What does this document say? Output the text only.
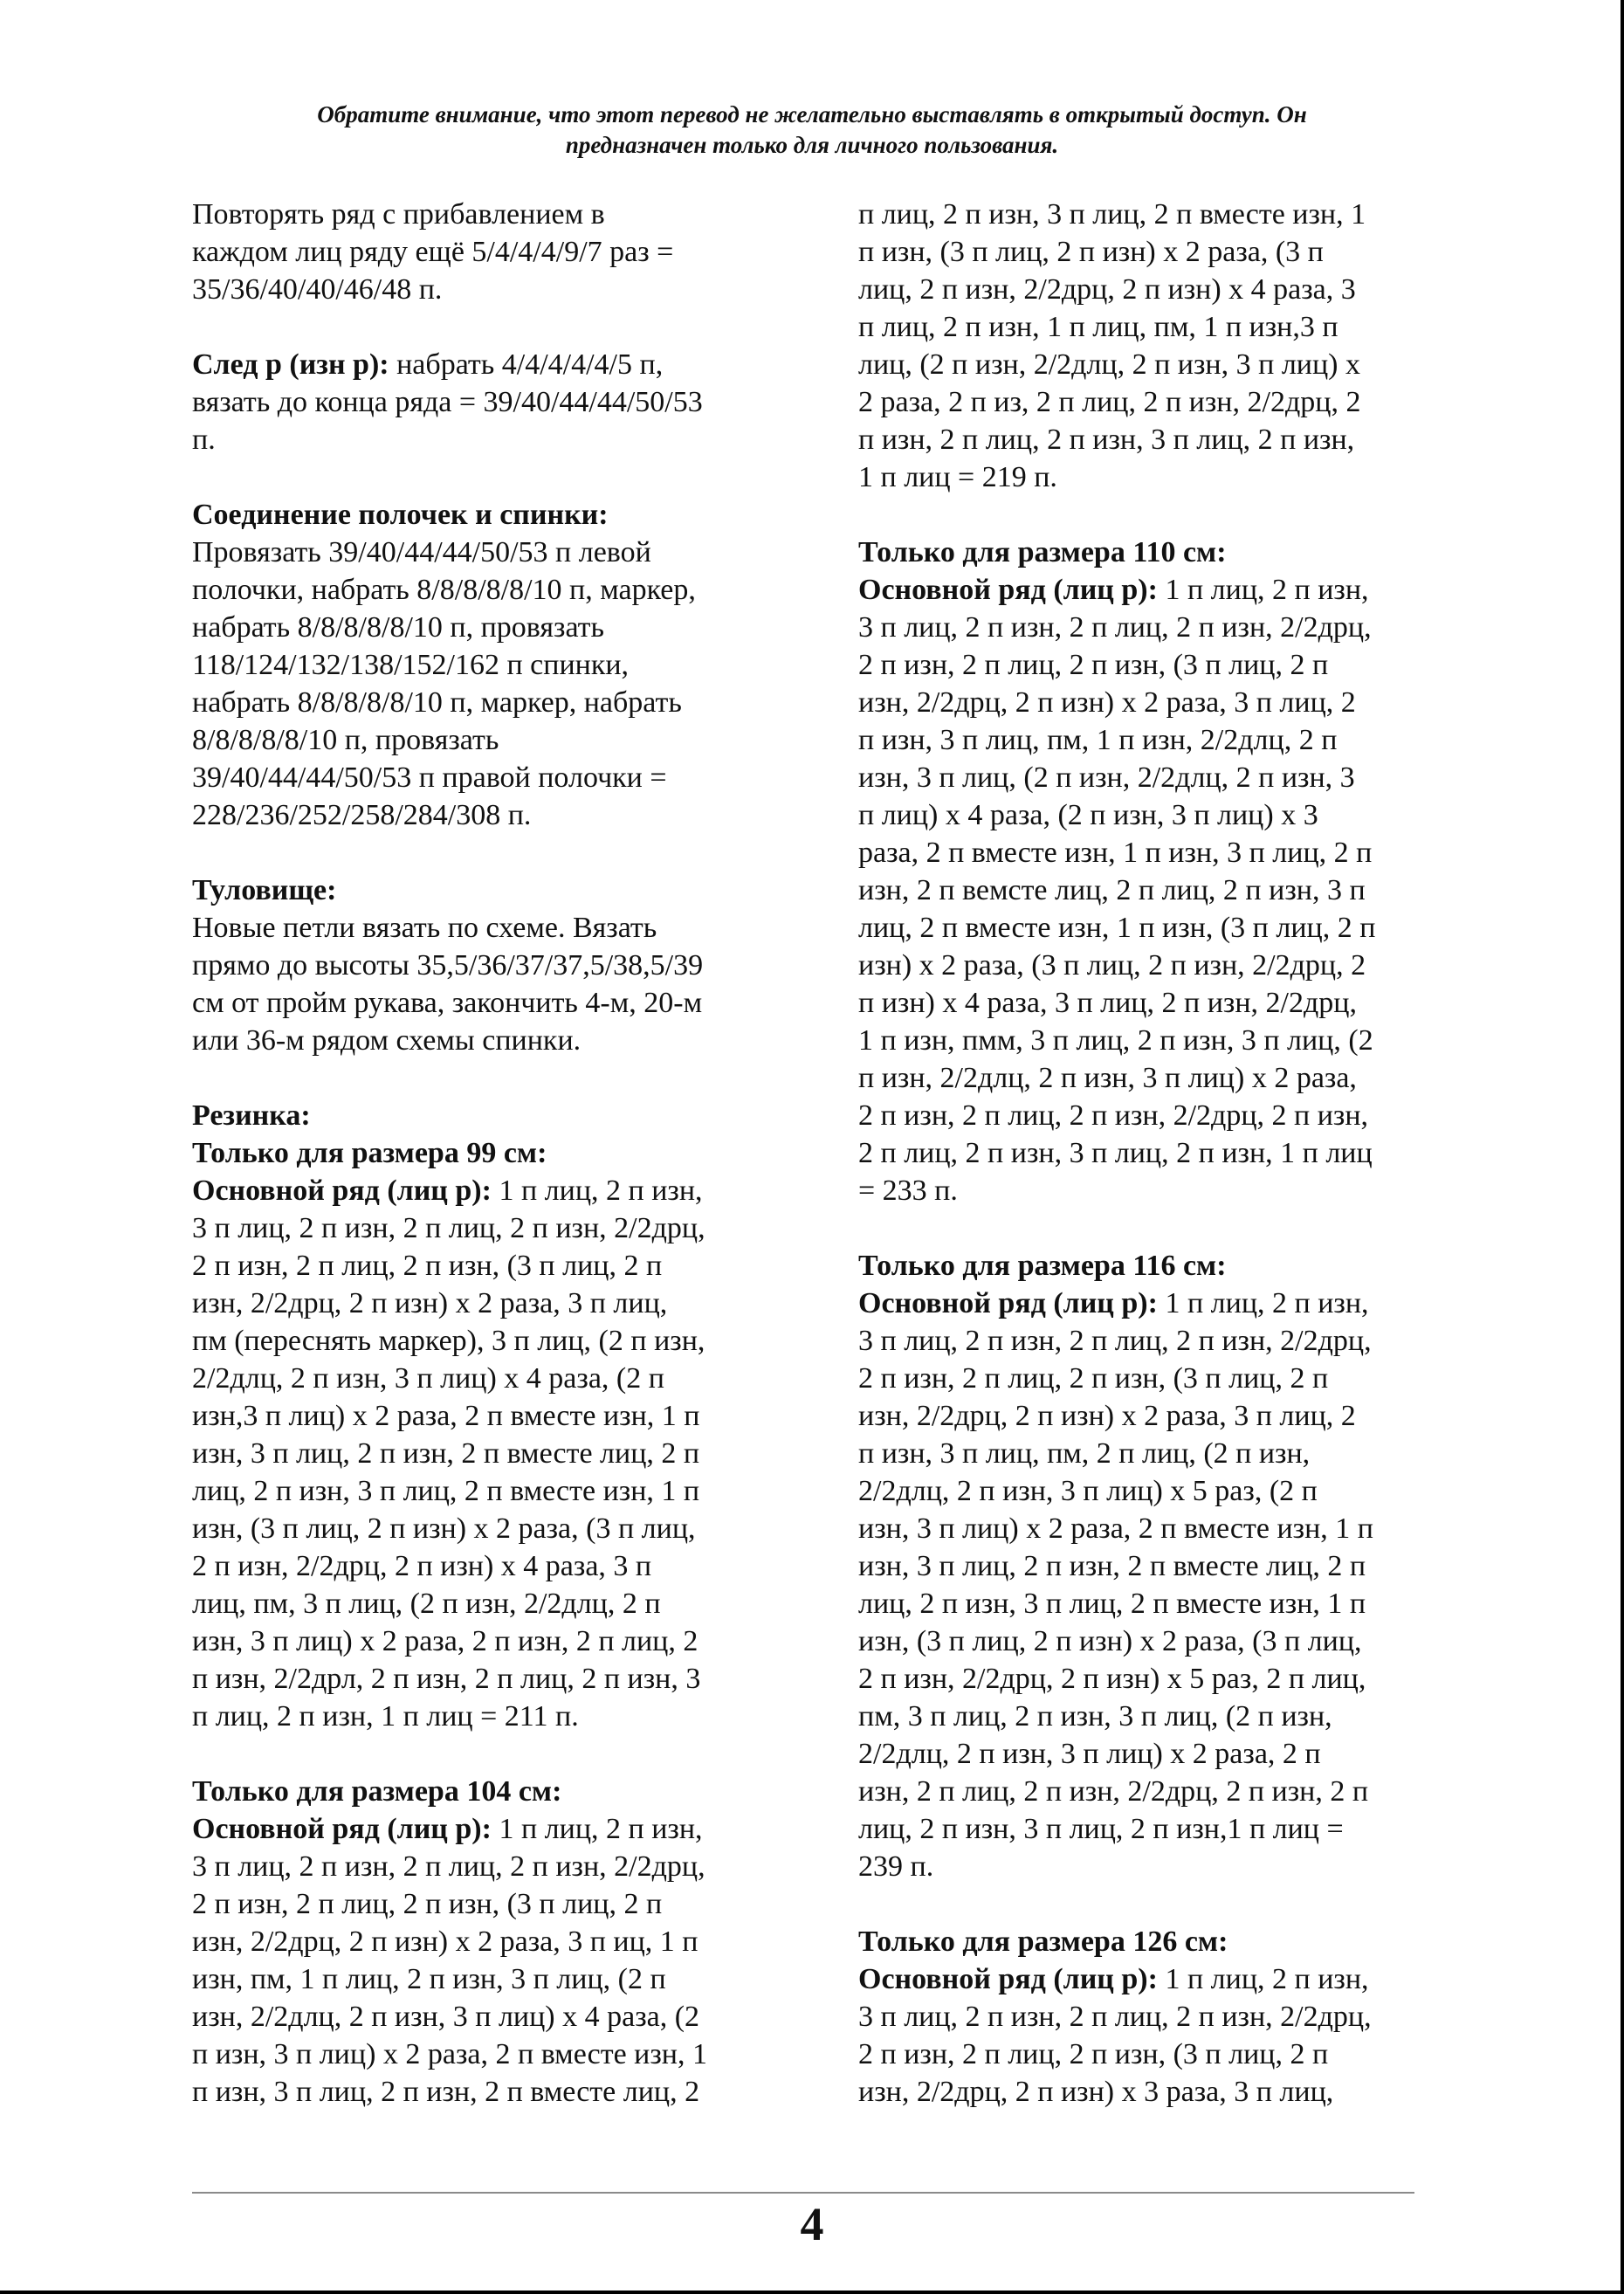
Обратите внимание, что этот перевод не желательно выставлять в открытый доступ. Он
предназначен только для личного пользования.
Повторять ряд с прибавлением в
каждом лиц ряду ещё 5/4/4/4/9/7 раз =
35/36/40/40/46/48 п.
След р (изн р): набрать 4/4/4/4/4/5 п,
вязать до конца ряда = 39/40/44/44/50/53
п.
Соединение полочек и спинки:
Провязать 39/40/44/44/50/53 п левой
полочки, набрать 8/8/8/8/8/10 п, маркер,
набрать 8/8/8/8/8/10 п, провязать
118/124/132/138/152/162 п спинки,
набрать 8/8/8/8/8/10 п, маркер, набрать
8/8/8/8/8/10 п, провязать
39/40/44/44/50/53 п правой полочки =
228/236/252/258/284/308 п.
Туловище:
Новые петли вязать по схеме. Вязать
прямо до высоты 35,5/36/37/37,5/38,5/39
см от пройм рукава, закончить 4-м, 20-м
или 36-м рядом схемы спинки.
Резинка:
Только для размера 99 см:
Основной ряд (лиц р): 1 п лиц, 2 п изн,
3 п лиц, 2 п изн, 2 п лиц, 2 п изн, 2/2дрц,
2 п изн, 2 п лиц, 2 п изн, (3 п лиц, 2 п
изн, 2/2дрц, 2 п изн) х 2 раза, 3 п лиц,
пм (переснять маркер), 3 п лиц, (2 п изн,
2/2длц, 2 п изн, 3 п лиц) х 4 раза, (2 п
изн,3 п лиц) х 2 раза, 2 п вместе изн, 1 п
изн, 3 п лиц, 2 п изн, 2 п вместе лиц, 2 п
лиц, 2 п изн, 3 п лиц, 2 п вместе изн, 1 п
изн, (3 п лиц, 2 п изн) х 2 раза, (3 п лиц,
2 п изн, 2/2дрц, 2 п изн) х 4 раза, 3 п
лиц, пм, 3 п лиц, (2 п изн, 2/2длц, 2 п
изн, 3 п лиц) х 2 раза, 2 п изн, 2 п лиц, 2
п изн, 2/2дрл, 2 п изн, 2 п лиц, 2 п изн, 3
п лиц, 2 п изн, 1 п лиц = 211 п.
Только для размера 104 см:
Основной ряд (лиц р): 1 п лиц, 2 п изн,
3 п лиц, 2 п изн, 2 п лиц, 2 п изн, 2/2дрц,
2 п изн, 2 п лиц, 2 п изн, (3 п лиц, 2 п
изн, 2/2дрц, 2 п изн) х 2 раза, 3 п иц, 1 п
изн, пм, 1 п лиц, 2 п изн, 3 п лиц, (2 п
изн, 2/2длц, 2 п изн, 3 п лиц) х 4 раза, (2
п изн, 3 п лиц) х 2 раза, 2 п вместе изн, 1
п изн, 3 п лиц, 2 п изн, 2 п вместе лиц, 2
п лиц, 2 п изн, 3 п лиц, 2 п вместе изн, 1
п изн, (3 п лиц, 2 п изн) х 2 раза, (3 п
лиц, 2 п изн, 2/2дрц, 2 п изн) х 4 раза, 3
п лиц, 2 п изн, 1 п лиц, пм, 1 п изн,3 п
лиц, (2 п изн, 2/2длц, 2 п изн, 3 п лиц) х
2 раза, 2 п из, 2 п лиц, 2 п изн, 2/2дрц, 2
п изн, 2 п лиц, 2 п изн, 3 п лиц, 2 п изн,
1 п лиц = 219 п.
Только для размера 110 см:
Основной ряд (лиц р): 1 п лиц, 2 п изн,
3 п лиц, 2 п изн, 2 п лиц, 2 п изн, 2/2дрц,
2 п изн, 2 п лиц, 2 п изн, (3 п лиц, 2 п
изн, 2/2дрц, 2 п изн) х 2 раза, 3 п лиц, 2
п изн, 3 п лиц, пм, 1 п изн, 2/2длц, 2 п
изн, 3 п лиц, (2 п изн, 2/2длц, 2 п изн, 3
п лиц) х 4 раза, (2 п изн, 3 п лиц) х 3
раза, 2 п вместе изн, 1 п изн, 3 п лиц, 2 п
изн, 2 п вемсте лиц, 2 п лиц, 2 п изн, 3 п
лиц, 2 п вместе изн, 1 п изн, (3 п лиц, 2 п
изн) х 2 раза, (3 п лиц, 2 п изн, 2/2дрц, 2
п изн) х 4 раза, 3 п лиц, 2 п изн, 2/2дрц,
1 п изн, пмм, 3 п лиц, 2 п изн, 3 п лиц, (2
п изн, 2/2длц, 2 п изн, 3 п лиц) х 2 раза,
2 п изн, 2 п лиц, 2 п изн, 2/2дрц, 2 п изн,
2 п лиц, 2 п изн, 3 п лиц, 2 п изн, 1 п лиц
= 233 п.
Только для размера 116 см:
Основной ряд (лиц р): 1 п лиц, 2 п изн,
3 п лиц, 2 п изн, 2 п лиц, 2 п изн, 2/2дрц,
2 п изн, 2 п лиц, 2 п изн, (3 п лиц, 2 п
изн, 2/2дрц, 2 п изн) х 2 раза, 3 п лиц, 2
п изн, 3 п лиц, пм, 2 п лиц, (2 п изн,
2/2длц, 2 п изн, 3 п лиц) х 5 раз, (2 п
изн, 3 п лиц) х 2 раза, 2 п вместе изн, 1 п
изн, 3 п лиц, 2 п изн, 2 п вместе лиц, 2 п
лиц, 2 п изн, 3 п лиц, 2 п вместе изн, 1 п
изн, (3 п лиц, 2 п изн) х 2 раза, (3 п лиц,
2 п изн, 2/2дрц, 2 п изн) х 5 раз, 2 п лиц,
пм, 3 п лиц, 2 п изн, 3 п лиц, (2 п изн,
2/2длц, 2 п изн, 3 п лиц) х 2 раза, 2 п
изн, 2 п лиц, 2 п изн, 2/2дрц, 2 п изн, 2 п
лиц, 2 п изн, 3 п лиц, 2 п изн,1 п лиц =
239 п.
Только для размера 126 см:
Основной ряд (лиц р): 1 п лиц, 2 п изн,
3 п лиц, 2 п изн, 2 п лиц, 2 п изн, 2/2дрц,
2 п изн, 2 п лиц, 2 п изн, (3 п лиц, 2 п
изн, 2/2дрц, 2 п изн) х 3 раза, 3 п лиц,
4
